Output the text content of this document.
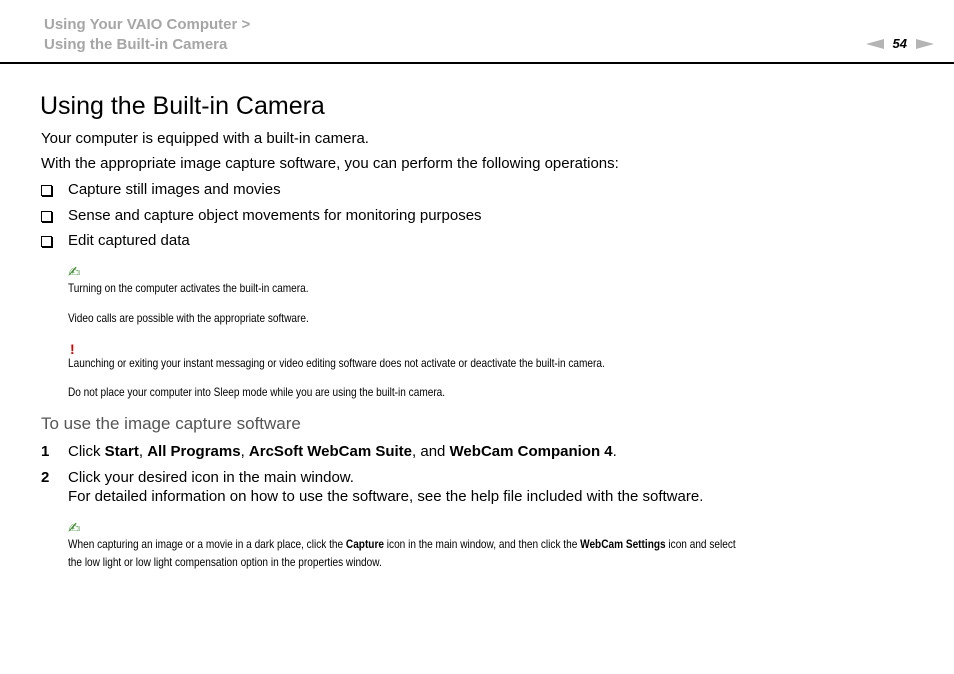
Using Your VAIO Computer >
Using the Built-in Camera	54
Using the Built-in Camera
Your computer is equipped with a built-in camera.
With the appropriate image capture software, you can perform the following operations:
Capture still images and movies
Sense and capture object movements for monitoring purposes
Edit captured data
✍
Turning on the computer activates the built-in camera.
Video calls are possible with the appropriate software.
!
Launching or exiting your instant messaging or video editing software does not activate or deactivate the built-in camera.
Do not place your computer into Sleep mode while you are using the built-in camera.
To use the image capture software
1 Click Start, All Programs, ArcSoft WebCam Suite, and WebCam Companion 4.
2 Click your desired icon in the main window.
For detailed information on how to use the software, see the help file included with the software.
✍
When capturing an image or a movie in a dark place, click the Capture icon in the main window, and then click the WebCam Settings icon and select
the low light or low light compensation option in the properties window.
